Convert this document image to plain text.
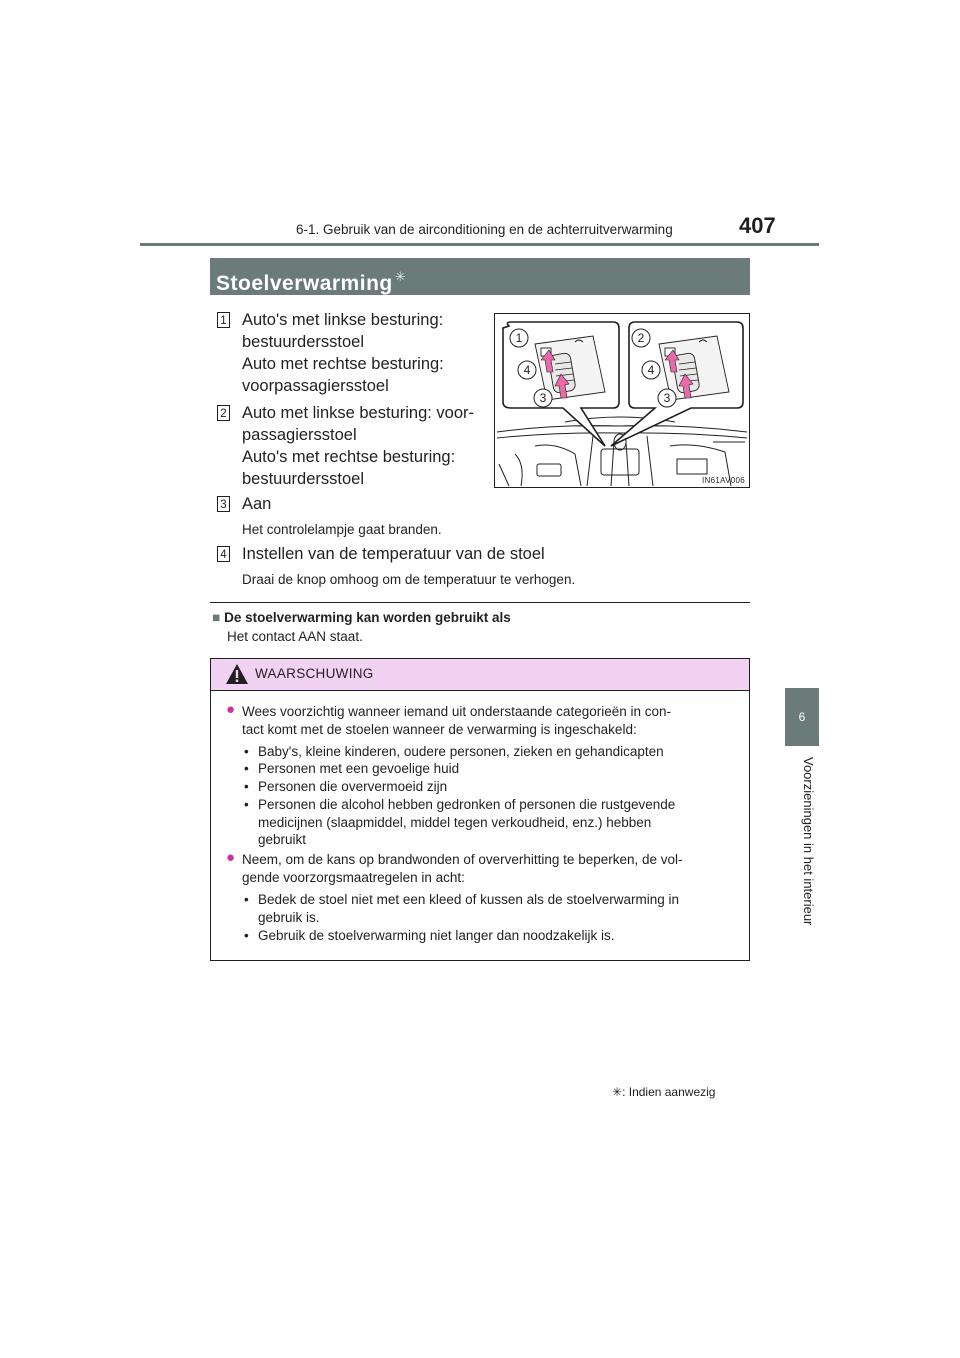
6-1. Gebruik van de airconditioning en de achterruitverwarming	407
6
Voorzieningen in het interieur
Stoelverwarming ✳
1 Auto's met linkse besturing:
bestuurdersstoel
Auto met rechtse besturing:
voorpassagiersstoel
2 Auto met linkse besturing: voor-
passagiersstoel
Auto's met rechtse besturing:
bestuurdersstoel
3 Aan
Het controlelampje gaat branden.
4 Instellen van de temperatuur van de stoel
Draai de knop omhoog om de temperatuur te verhogen.
1	2
4	4
3	3
IN61AV006
■ De stoelverwarming kan worden gebruikt als
Het contact AAN staat.
WAARSCHUWING
● Wees voorzichtig wanneer iemand uit onderstaande categorieën in con-
tact komt met de stoelen wanneer de verwarming is ingeschakeld:
• Baby's, kleine kinderen, oudere personen, zieken en gehandicapten
• Personen met een gevoelige huid
• Personen die oververmoeid zijn
• Personen die alcohol hebben gedronken of personen die rustgevende
medicijnen (slaapmiddel, middel tegen verkoudheid, enz.) hebben
gebruikt
● Neem, om de kans op brandwonden of oververhitting te beperken, de vol-
gende voorzorgsmaatregelen in acht:
• Bedek de stoel niet met een kleed of kussen als de stoelverwarming in
gebruik is.
• Gebruik de stoelverwarming niet langer dan noodzakelijk is.
✳: Indien aanwezig
